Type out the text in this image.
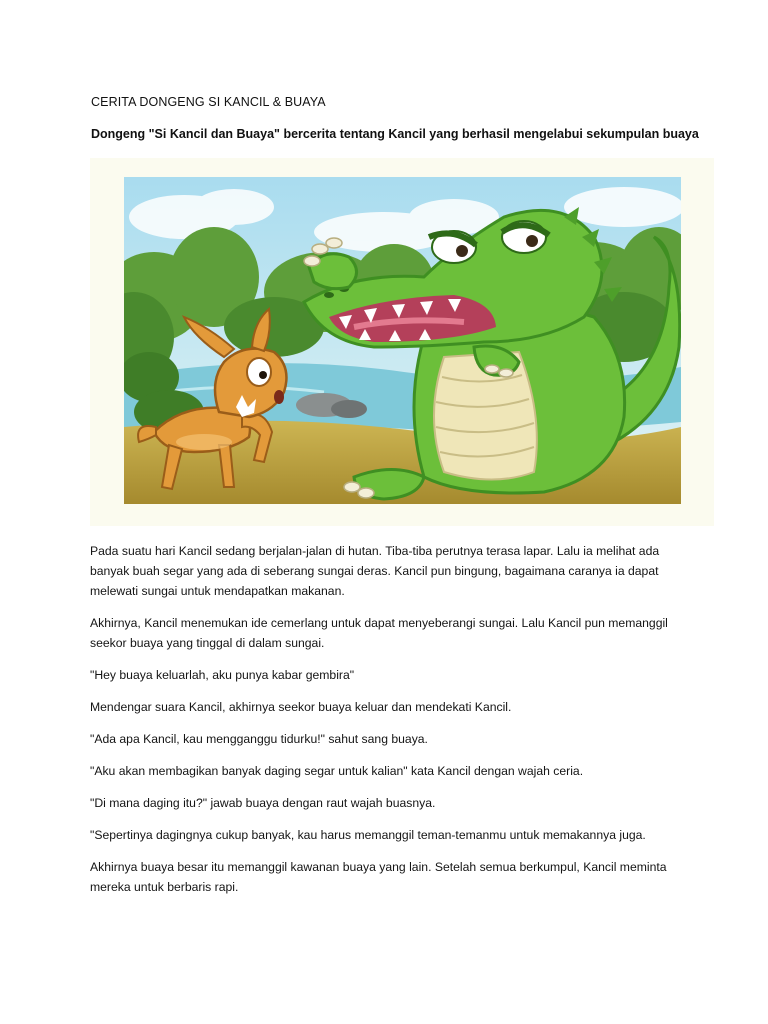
CERITA DONGENG SI KANCIL & BUAYA
Dongeng "Si Kancil dan Buaya" bercerita tentang Kancil yang berhasil mengelabui sekumpulan buaya

Pada suatu hari Kancil sedang berjalan-jalan di hutan. Tiba-tiba perutnya terasa lapar. Lalu ia melihat ada banyak buah segar yang ada di seberang sungai deras. Kancil pun bingung, bagaimana caranya ia dapat melewati sungai untuk mendapatkan makanan.

Akhirnya, Kancil menemukan ide cemerlang untuk dapat menyeberangi sungai. Lalu Kancil pun memanggil seekor buaya yang tinggal di dalam sungai.

"Hey buaya keluarlah, aku punya kabar gembira"

Mendengar suara Kancil, akhirnya seekor buaya keluar dan mendekati Kancil.

"Ada apa Kancil, kau mengganggu tidurku!" sahut sang buaya.

"Aku akan membagikan banyak daging segar untuk kalian" kata Kancil dengan wajah ceria.

"Di mana daging itu?" jawab buaya dengan raut wajah buasnya.

"Sepertinya dagingnya cukup banyak, kau harus memanggil teman-temanmu untuk memakannya juga.

Akhirnya buaya besar itu memanggil kawanan buaya yang lain. Setelah semua berkumpul, Kancil meminta mereka untuk berbaris rapi.
